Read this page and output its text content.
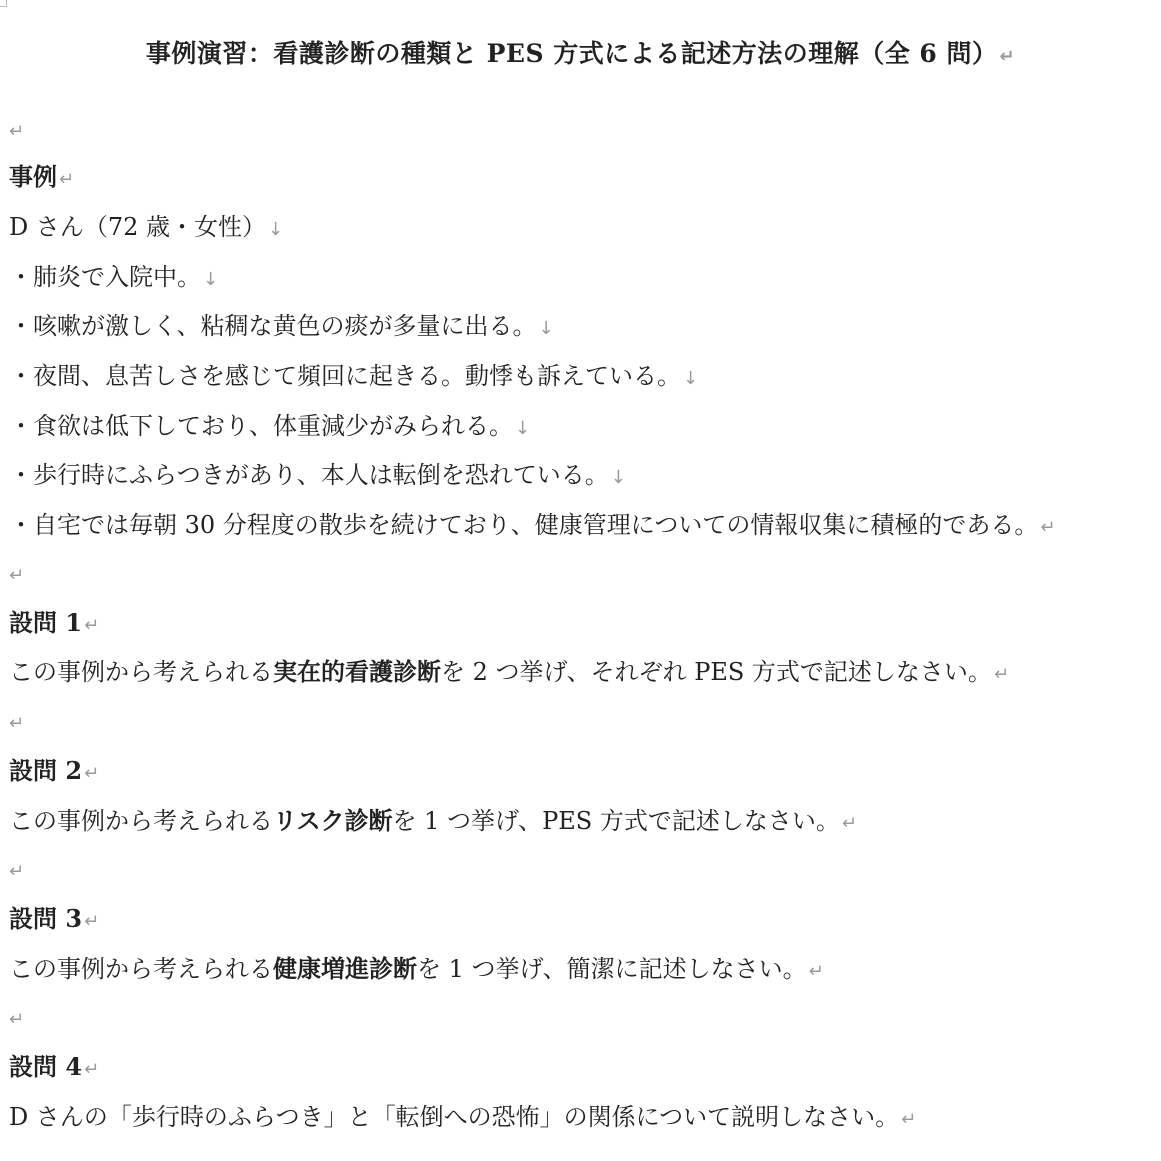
事例演習：看護診断の種類と PES 方式による記述方法の理解（全 6 問） ↵
↵
事例 ↵
D さん（72 歳・女性） ↓
・肺炎で入院中。 ↓
・咳嗽が激しく、粘稠な黄色の痰が多量に出る。 ↓
・夜間、息苦しさを感じて頻回に起きる。動悸も訴えている。 ↓
・食欲は低下しており、体重減少がみられる。 ↓
・歩行時にふらつきがあり、本人は転倒を恐れている。 ↓
・自宅では毎朝 30 分程度の散歩を続けており、健康管理についての情報収集に積極的である。 ↵
↵
設問 1 ↵
この事例から考えられる実在的看護診断を 2 つ挙げ、それぞれ PES 方式で記述しなさい。 ↵
↵
設問 2 ↵
この事例から考えられるリスク診断を 1 つ挙げ、PES 方式で記述しなさい。 ↵
↵
設問 3 ↵
この事例から考えられる健康増進診断を 1 つ挙げ、簡潔に記述しなさい。 ↵
↵
設問 4 ↵
D さんの「歩行時のふらつき」と「転倒への恐怖」の関係について説明しなさい。 ↵
